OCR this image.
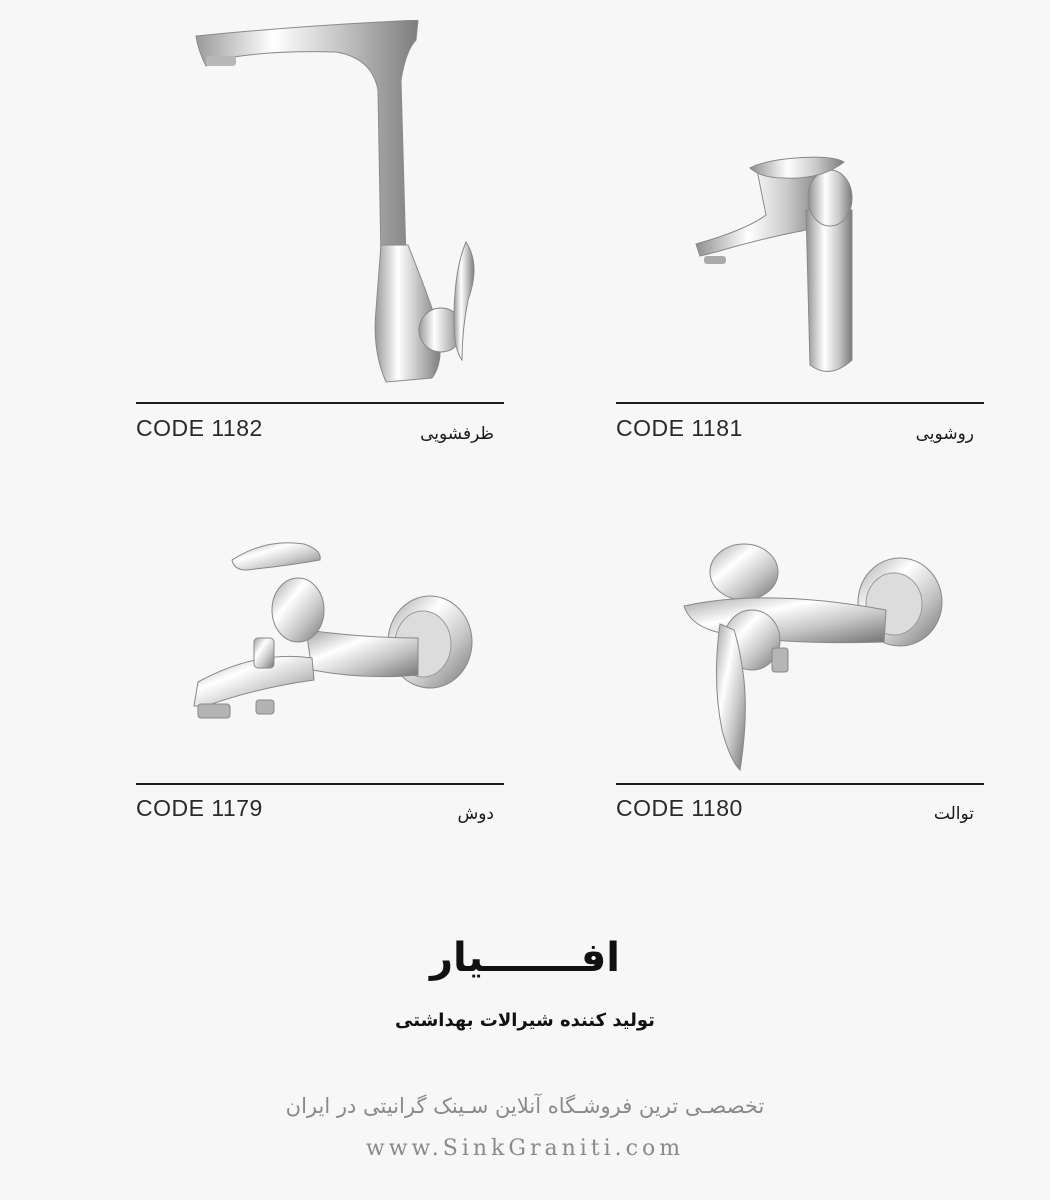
CODE 1182	ظرفشویی	CODE 1181	روشویی
CODE 1179	دوش	CODE 1180	توالت
افـــــــیار
تولید کننده شیرالات بهداشتی
تخصصـی ترین فروشـگاه آنلاین سـینک گرانیتی در ایران
www.SinkGraniti.com
